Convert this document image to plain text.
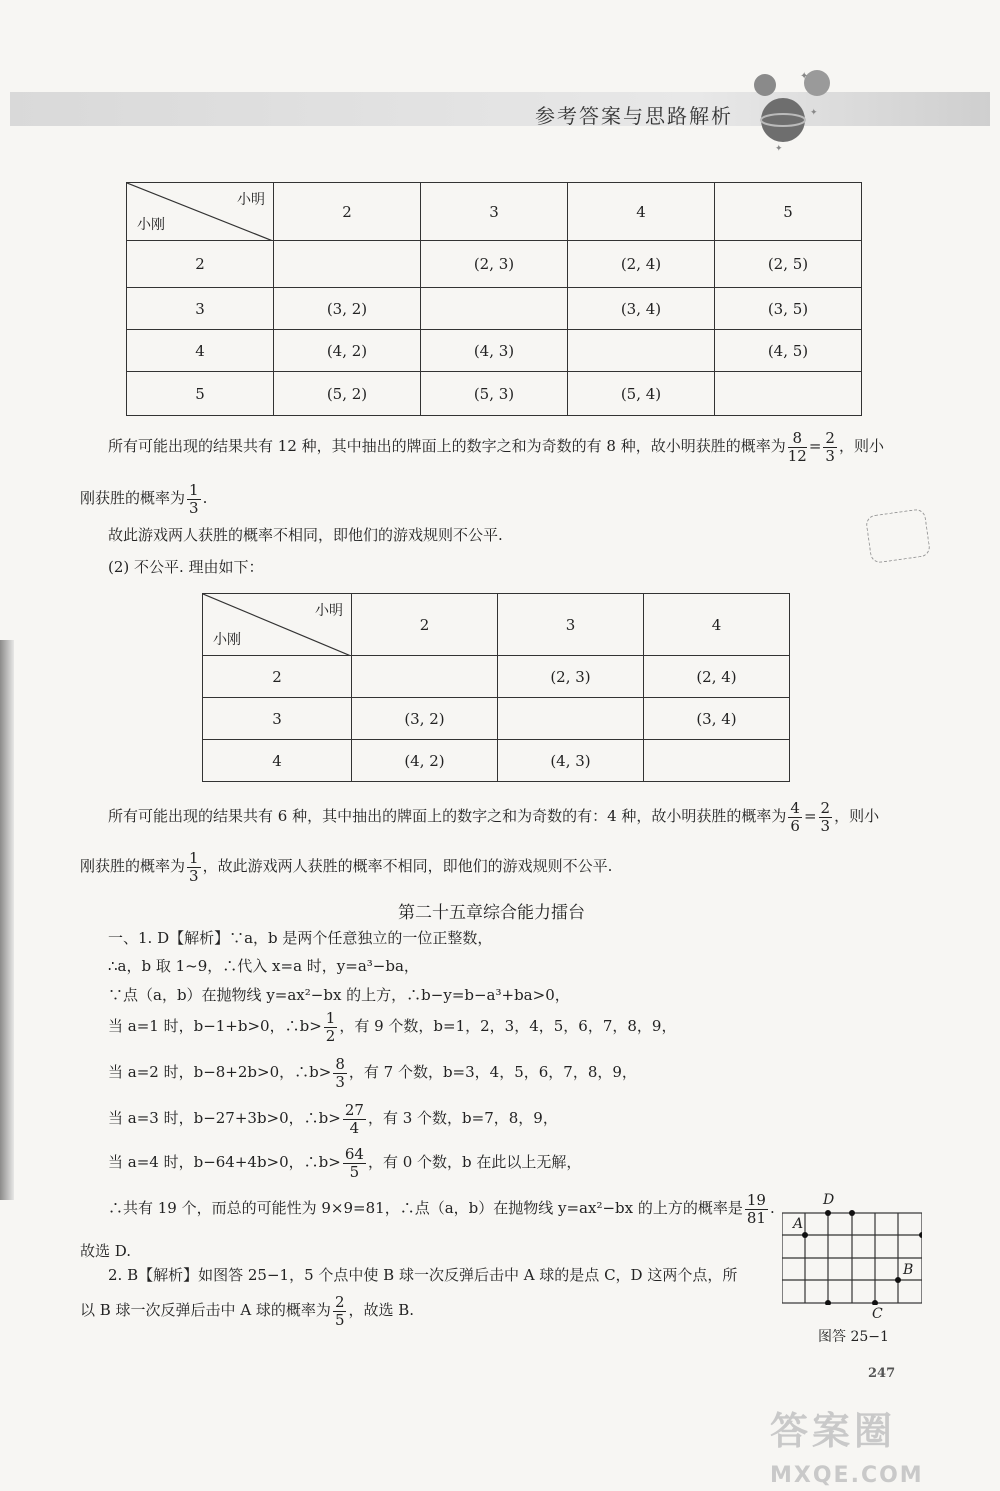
参考答案与思路解析
✦
✦
✦
小明
小刚	2	3	4	5
2		(2, 3)	(2, 4)	(2, 5)
3	(3, 2)		(3, 4)	(3, 5)
4	(4, 2)	(4, 3)		(4, 5)
5	(5, 2)	(5, 3)	(5, 4)	
所有可能出现的结果共有 12 种，其中抽出的牌面上的数字之和为奇数的有 8 种，故小明获胜的概率为 $\frac{8}{12} = \frac{2}{3}$ ，则小
刚获胜的概率为 $\frac{1}{3}$ .
故此游戏两人获胜的概率不相同，即他们的游戏规则不公平.
(2) 不公平. 理由如下：
小明
小刚	2	3	4
2		(2, 3)	(2, 4)
3	(3, 2)		(3, 4)
4	(4, 2)	(4, 3)	
所有可能出现的结果共有 6 种，其中抽出的牌面上的数字之和为奇数的有：4 种，故小明获胜的概率为 $\frac{4}{6} = \frac{2}{3}$ ，则小
刚获胜的概率为 $\frac{1}{3}$ ，故此游戏两人获胜的概率不相同，即他们的游戏规则不公平.
第二十五章综合能力擂台
一、1. D【解析】∵a，b 是两个任意独立的一位正整数，
∴a，b 取 1~9，∴代入 x=a 时，y=a³−ba，
∵点（a，b）在抛物线 y=ax²−bx 的上方，∴b−y=b−a³+ba>0，
当 a=1 时，b−1+b>0，∴b> $\frac{1}{2}$ ，有 9 个数，b=1，2，3，4，5，6，7，8，9，
当 a=2 时，b−8+2b>0，∴b> $\frac{8}{3}$ ，有 7 个数，b=3，4，5，6，7，8，9，
当 a=3 时，b−27+3b>0，∴b> $\frac{27}{4}$ ，有 3 个数，b=7，8，9，
当 a=4 时，b−64+4b>0，∴b> $\frac{64}{5}$ ，有 0 个数，b 在此以上无解，
∴共有 19 个，而总的可能性为 9×9=81，∴点（a，b）在抛物线 y=ax²−bx 的上方的概率是 $\frac{19}{81}$ .
故选 D.
2. B【解析】如图答 25−1，5 个点中使 B 球一次反弹后击中 A 球的是点 C，D 这两个点，所
以 B 球一次反弹后击中 A 球的概率为 $\frac{2}{5}$ ，故选 B.
A
D
B
C
图答 25−1
247
答案圈
MXQE.COM
